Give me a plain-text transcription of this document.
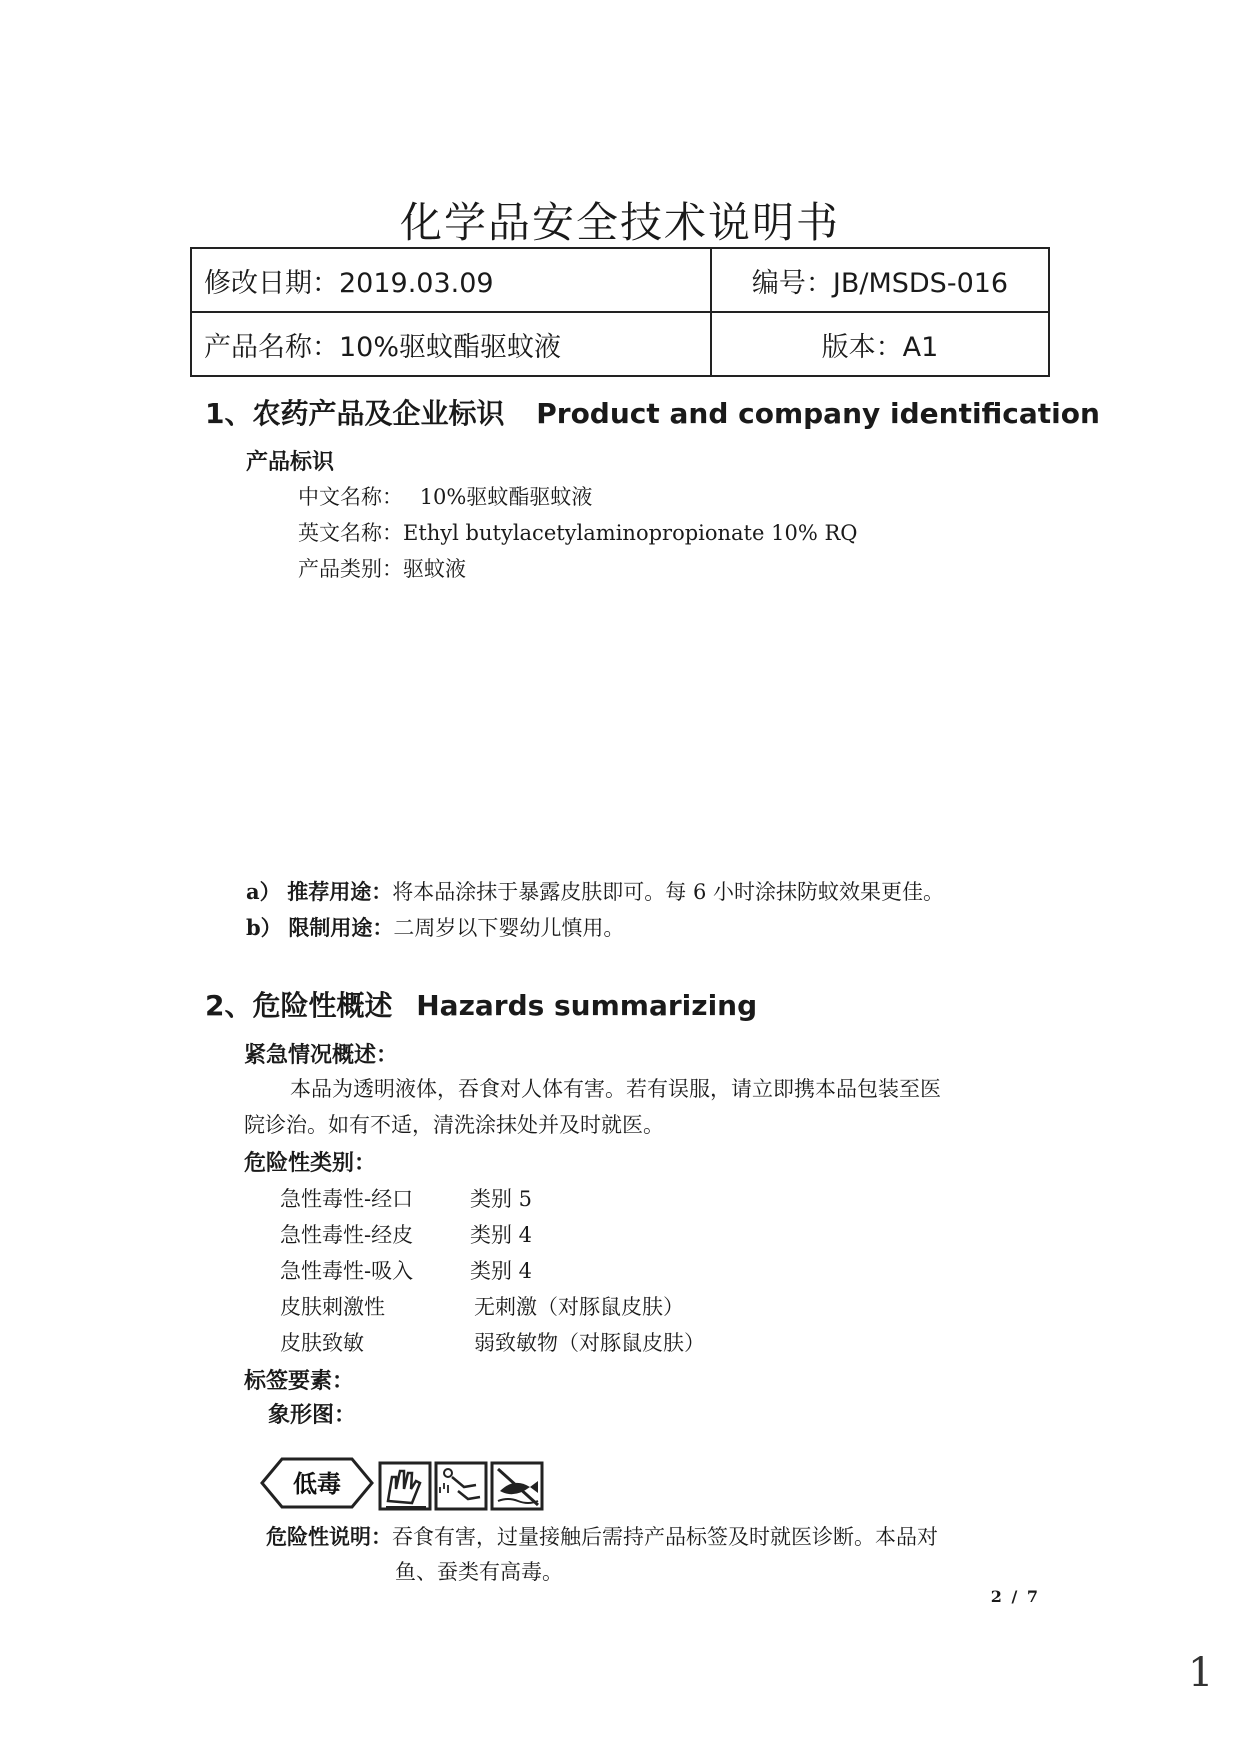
化学品安全技术说明书
修改日期：2019.03.09	编号：JB/MSDS-016
产品名称：10%驱蚊酯驱蚊液	版本：A1
1、农药产品及企业标识 Product and company identification
产品标识
中文名称： 10%驱蚊酯驱蚊液
英文名称：Ethyl butylacetylaminopropionate 10% RQ
产品类别：驱蚊液
a） 推荐用途：将本品涂抹于暴露皮肤即可。每 6 小时涂抹防蚊效果更佳。
b） 限制用途：二周岁以下婴幼儿慎用。
2、危险性概述 Hazards summarizing
紧急情况概述：
本品为透明液体，吞食对人体有害。若有误服，请立即携本品包装至医
院诊治。如有不适，清洗涂抹处并及时就医。
危险性类别：
急性毒性-经口	类别 5
急性毒性-经皮	类别 4
急性毒性-吸入	类别 4
皮肤刺激性	无刺激（对豚鼠皮肤）
皮肤致敏	弱致敏物（对豚鼠皮肤）
标签要素：
象形图：
低毒
危险性说明：吞食有害，过量接触后需持产品标签及时就医诊断。本品对
鱼、蚕类有高毒。
2 / 7
1
